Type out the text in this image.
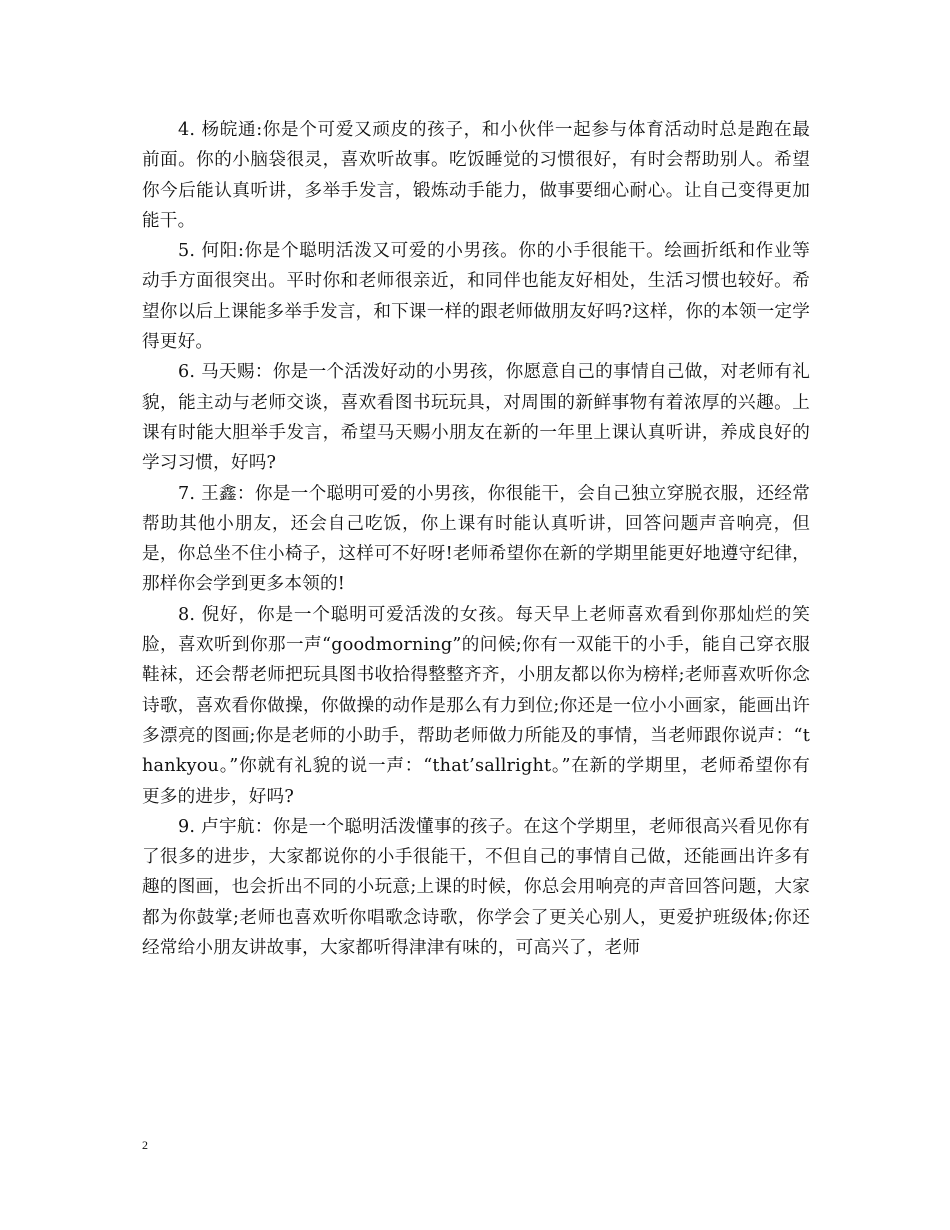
4. 杨皖通:你是个可爱又顽皮的孩子，和小伙伴一起参与体育活动时总是跑在最前面。你的小脑袋很灵，喜欢听故事。吃饭睡觉的习惯很好，有时会帮助别人。希望你今后能认真听讲，多举手发言，锻炼动手能力，做事要细心耐心。让自己变得更加能干。

5. 何阳:你是个聪明活泼又可爱的小男孩。你的小手很能干。绘画折纸和作业等动手方面很突出。平时你和老师很亲近，和同伴也能友好相处，生活习惯也较好。希望你以后上课能多举手发言，和下课一样的跟老师做朋友好吗?这样，你的本领一定学得更好。

6. 马天赐：你是一个活泼好动的小男孩，你愿意自己的事情自己做，对老师有礼貌，能主动与老师交谈，喜欢看图书玩玩具，对周围的新鲜事物有着浓厚的兴趣。上课有时能大胆举手发言，希望马天赐小朋友在新的一年里上课认真听讲，养成良好的学习习惯，好吗?

7. 王鑫：你是一个聪明可爱的小男孩，你很能干，会自己独立穿脱衣服，还经常帮助其他小朋友，还会自己吃饭，你上课有时能认真听讲，回答问题声音响亮，但是，你总坐不住小椅子，这样可不好呀!老师希望你在新的学期里能更好地遵守纪律，那样你会学到更多本领的!

8. 倪好，你是一个聪明可爱活泼的女孩。每天早上老师喜欢看到你那灿烂的笑脸，喜欢听到你那一声“goodmorning”的问候;你有一双能干的小手，能自己穿衣服鞋袜，还会帮老师把玩具图书收拾得整整齐齐，小朋友都以你为榜样;老师喜欢听你念诗歌，喜欢看你做操，你做操的动作是那么有力到位;你还是一位小小画家，能画出许多漂亮的图画;你是老师的小助手，帮助老师做力所能及的事情，当老师跟你说声：“thankyou。”你就有礼貌的说一声：“that’sallright。”在新的学期里，老师希望你有更多的进步，好吗?

9. 卢宇航：你是一个聪明活泼懂事的孩子。在这个学期里，老师很高兴看见你有了很多的进步，大家都说你的小手很能干，不但自己的事情自己做，还能画出许多有趣的图画，也会折出不同的小玩意;上课的时候，你总会用响亮的声音回答问题，大家都为你鼓掌;老师也喜欢听你唱歌念诗歌，你学会了更关心别人，更爱护班级体;你还经常给小朋友讲故事，大家都听得津津有味的，可高兴了，老师

2
